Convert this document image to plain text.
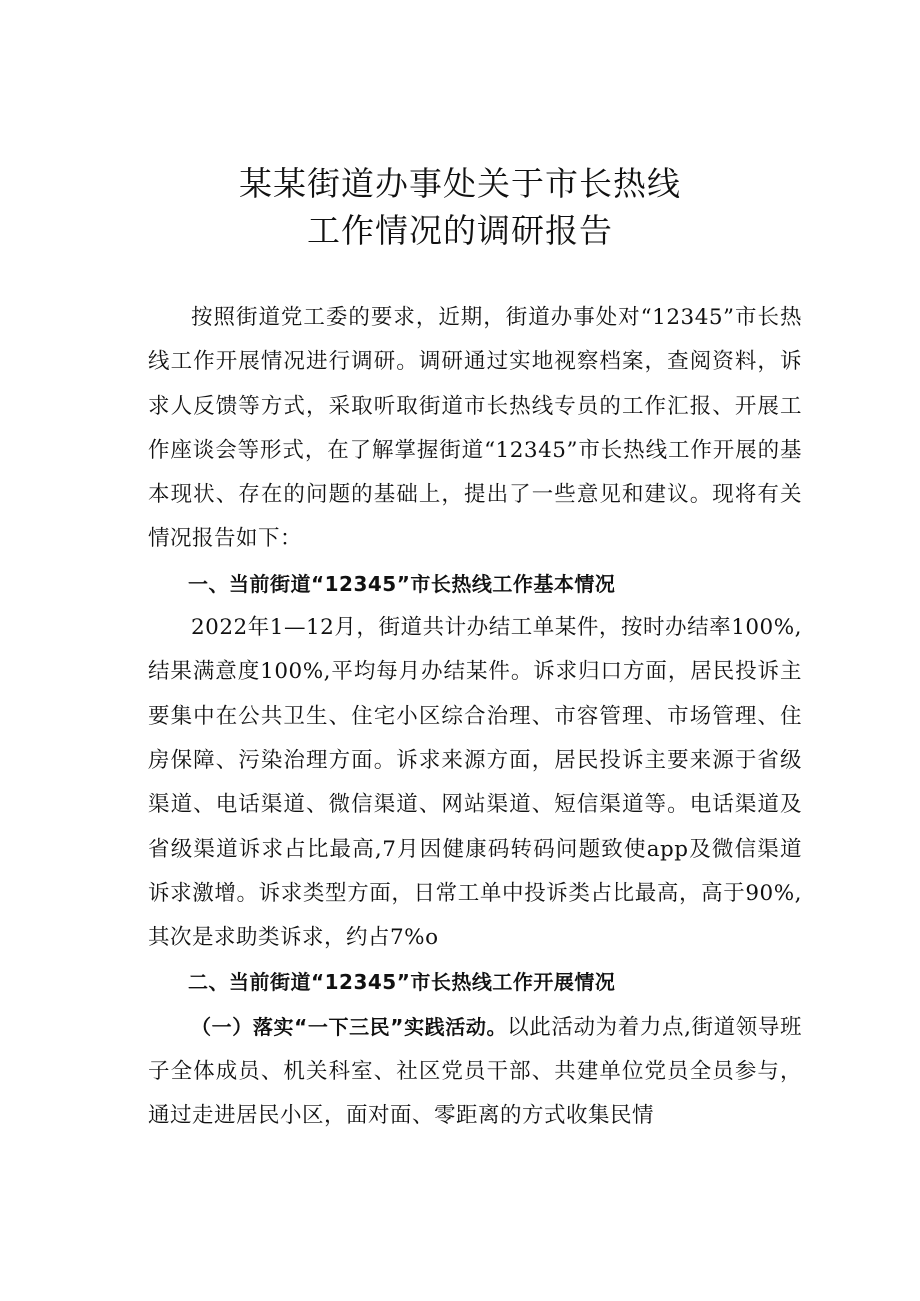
某某街道办事处关于市长热线
工作情况的调研报告

按照街道党工委的要求，近期，街道办事处对“12345”市长热线工作开展情况进行调研。调研通过实地视察档案，查阅资料，诉求人反馈等方式，采取听取街道市长热线专员的工作汇报、开展工作座谈会等形式，在了解掌握街道“12345”市长热线工作开展的基本现状、存在的问题的基础上，提出了一些意见和建议。现将有关情况报告如下：

一、当前街道“12345”市长热线工作基本情况

2022年1—12月，街道共计办结工单某件，按时办结率100%,结果满意度100%,平均每月办结某件。诉求归口方面，居民投诉主要集中在公共卫生、住宅小区综合治理、市容管理、市场管理、住房保障、污染治理方面。诉求来源方面，居民投诉主要来源于省级渠道、电话渠道、微信渠道、网站渠道、短信渠道等。电话渠道及省级渠道诉求占比最高,7月因健康码转码问题致使app及微信渠道诉求激增。诉求类型方面，日常工单中投诉类占比最高，高于90%,其次是求助类诉求，约占7%o

二、当前街道“12345”市长热线工作开展情况

（一）落实“一下三民”实践活动。以此活动为着力点,街道领导班子全体成员、机关科室、社区党员干部、共建单位党员全员参与，通过走进居民小区，面对面、零距离的方式收集民情
